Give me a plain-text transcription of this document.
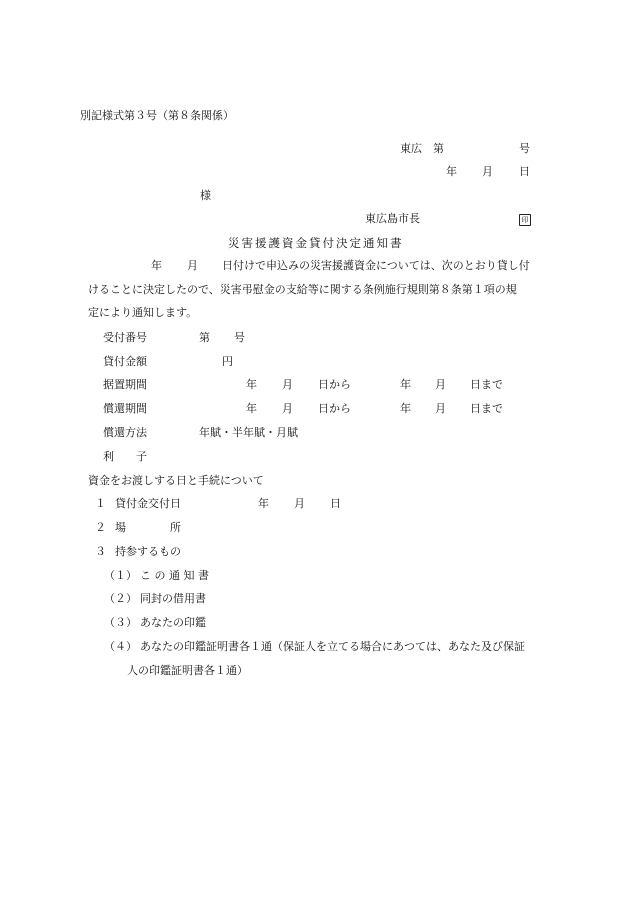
別記様式第３号（第８条関係）
東広　第	号
年 月 日
様
東広島市長	印
災害援護資金貸付決定通知書
年 月 日付けで申込みの災害援護資金については、次のとおり貸し付
けることに決定したので、災害弔慰金の支給等に関する条例施行規則第８条第１項の規
定により通知します。
受付番号	第 号
貸付金額	円
据置期間	年 月 日から	年 月 日まで
償還期間	年 月 日から	年 月 日まで
償還方法	年賦・半年賦・月賦
利　　子
資金をお渡しする日と手続について
１ 貸付金交付日	年 月 日
２ 場　　　　所
３ 持参するもの
（１） こ の 通 知 書
（２） 同封の借用書
（３） あなたの印鑑
（４） あなたの印鑑証明書各１通（保証人を立てる場合にあつては、あなた及び保証
人の印鑑証明書各１通）
